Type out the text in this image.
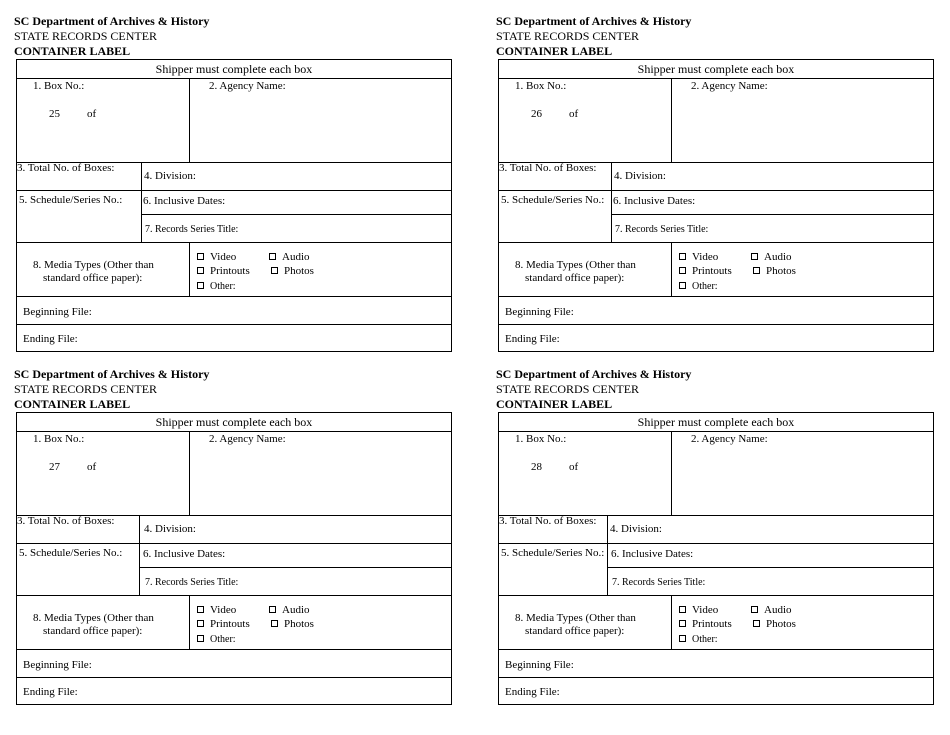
SC Department of Archives & History
STATE RECORDS CENTER
CONTAINER LABEL
Shipper must complete each box
1. Box No.:
25 of
2. Agency Name:
3. Total No. of Boxes:
4. Division:
5. Schedule/Series No.: 6. Inclusive Dates:
7. Records Series Title:
8. Media Types (Other than
standard office paper):
Video	Audio
Printouts	Photos
Other:
Beginning File:
Ending File:
SC Department of Archives & History
STATE RECORDS CENTER
CONTAINER LABEL
Shipper must complete each box
1. Box No.:
26 of
2. Agency Name:
3. Total No. of Boxes:
4. Division:
5. Schedule/Series No.: 6. Inclusive Dates:
7. Records Series Title:
8. Media Types (Other than
standard office paper):
Video	Audio
Printouts	Photos
Other:
Beginning File:
Ending File:
SC Department of Archives & History
STATE RECORDS CENTER
CONTAINER LABEL
Shipper must complete each box
1. Box No.:
27 of
2. Agency Name:
3. Total No. of Boxes:
4. Division:
5. Schedule/Series No.: 6. Inclusive Dates:
7. Records Series Title:
8. Media Types (Other than
standard office paper):
Video	Audio
Printouts	Photos
Other:
Beginning File:
Ending File:
SC Department of Archives & History
STATE RECORDS CENTER
CONTAINER LABEL
Shipper must complete each box
1. Box No.:
28 of
2. Agency Name:
3. Total No. of Boxes:
4. Division:
5. Schedule/Series No.: 6. Inclusive Dates:
7. Records Series Title:
8. Media Types (Other than
standard office paper):
Video	Audio
Printouts	Photos
Other:
Beginning File:
Ending File:
